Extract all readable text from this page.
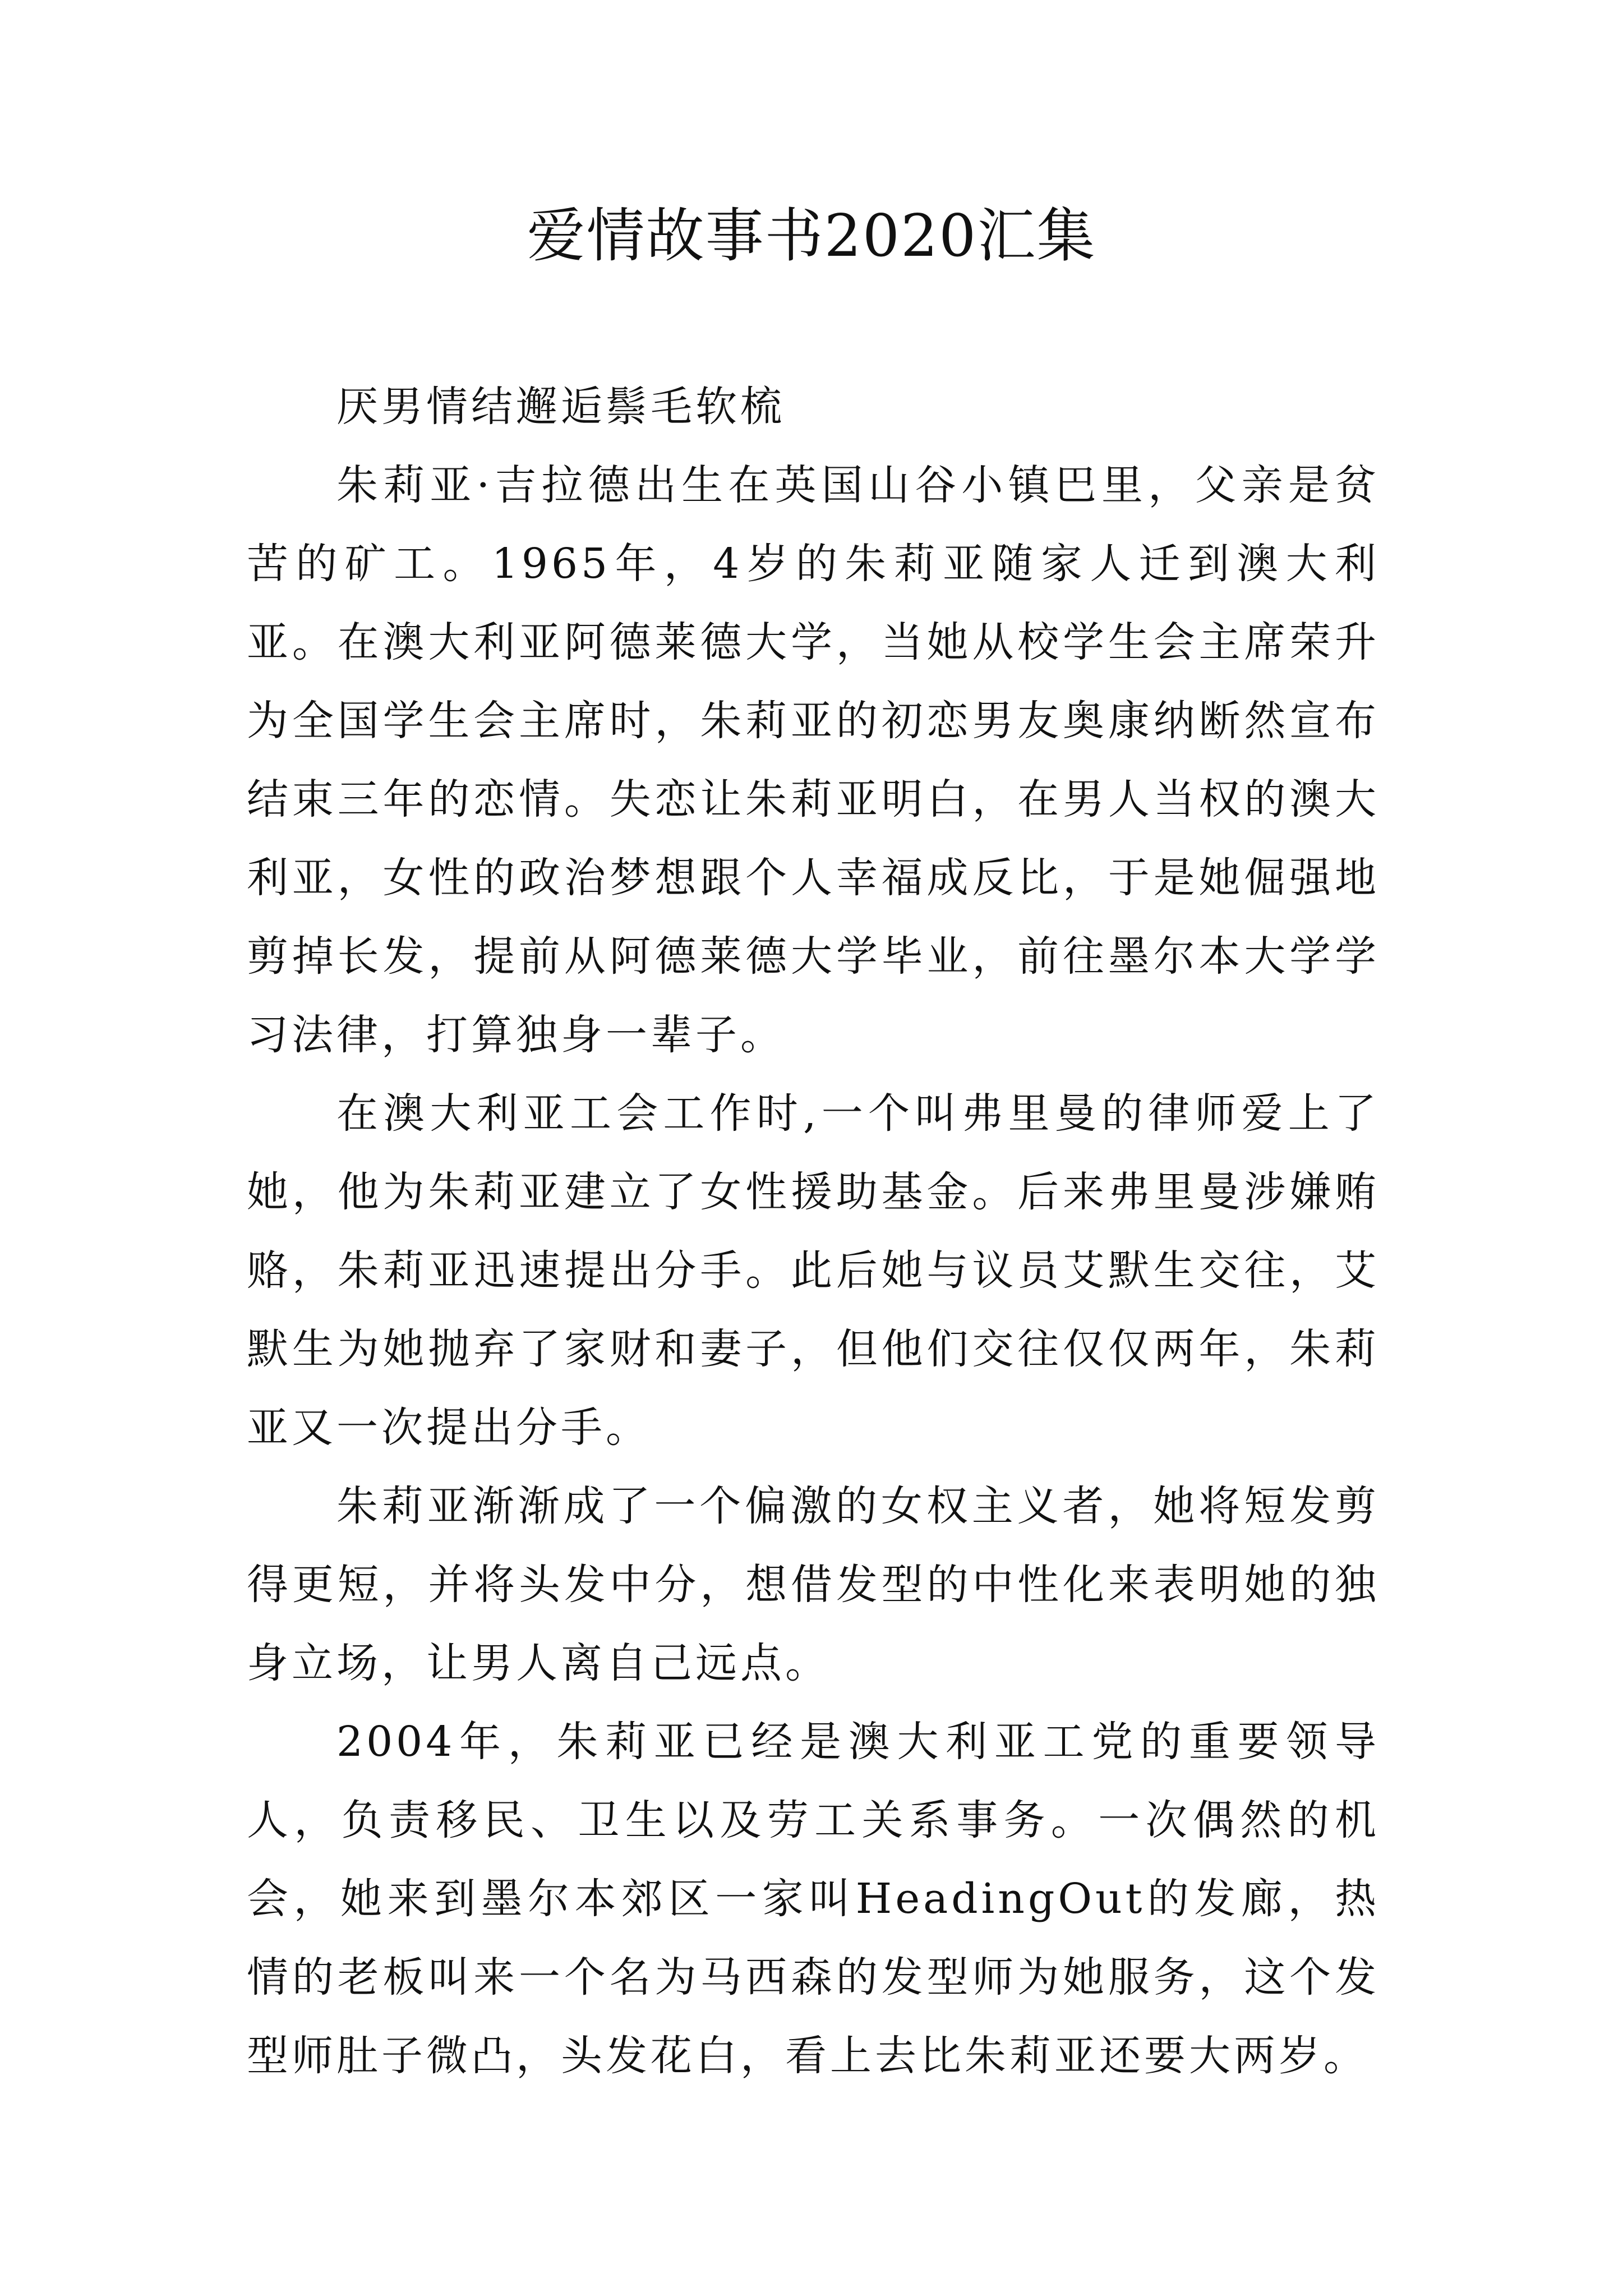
爱情故事书2020汇集

厌男情结邂逅鬃毛软梳

朱莉亚·吉拉德出生在英国山谷小镇巴里，父亲是贫苦的矿工。1965年，4岁的朱莉亚随家人迁到澳大利亚。在澳大利亚阿德莱德大学，当她从校学生会主席荣升为全国学生会主席时，朱莉亚的初恋男友奥康纳断然宣布结束三年的恋情。失恋让朱莉亚明白，在男人当权的澳大利亚，女性的政治梦想跟个人幸福成反比，于是她倔强地剪掉长发，提前从阿德莱德大学毕业，前往墨尔本大学学习法律，打算独身一辈子。

在澳大利亚工会工作时,一个叫弗里曼的律师爱上了她，他为朱莉亚建立了女性援助基金。后来弗里曼涉嫌贿赂，朱莉亚迅速提出分手。此后她与议员艾默生交往，艾默生为她抛弃了家财和妻子，但他们交往仅仅两年，朱莉亚又一次提出分手。

朱莉亚渐渐成了一个偏激的女权主义者，她将短发剪得更短，并将头发中分，想借发型的中性化来表明她的独身立场，让男人离自己远点。

2004年，朱莉亚已经是澳大利亚工党的重要领导人，负责移民、卫生以及劳工关系事务。一次偶然的机会，她来到墨尔本郊区一家叫HeadingOut的发廊，热情的老板叫来一个名为马西森的发型师为她服务，这个发型师肚子微凸，头发花白，看上去比朱莉亚还要大两岁。
